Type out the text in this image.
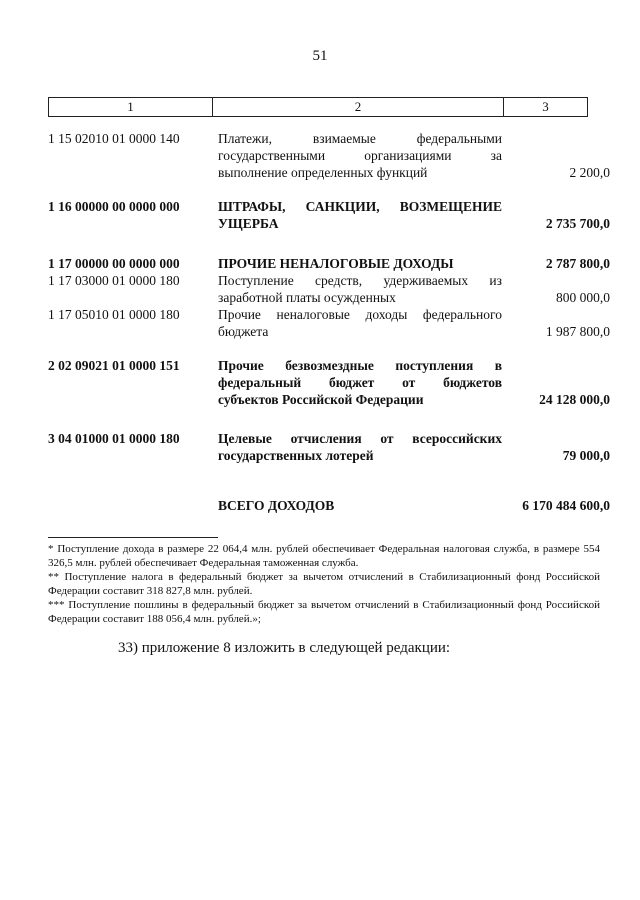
51
1	2	3
1 15 02010 01 0000 140	Платежи, взимаемые федеральными
государственными организациями за
выполнение определенных функций	2 200,0
1 16 00000 00 0000 000	ШТРАФЫ, САНКЦИИ, ВОЗМЕЩЕНИЕ
УЩЕРБА	2 735 700,0
1 17 00000 00 0000 000	ПРОЧИЕ НЕНАЛОГОВЫЕ ДОХОДЫ	2 787 800,0
1 17 03000 01 0000 180	Поступление средств, удерживаемых из
заработной платы осужденных	800 000,0
1 17 05010 01 0000 180	Прочие неналоговые доходы федерального
бюджета	1 987 800,0
2 02 09021 01 0000 151	Прочие безвозмездные поступления в
федеральный бюджет от бюджетов
субъектов Российской Федерации	24 128 000,0
3 04 01000 01 0000 180	Целевые отчисления от всероссийских
государственных лотерей	79 000,0
ВСЕГО ДОХОДОВ	6 170 484 600,0

* Поступление дохода в размере 22 064,4 млн. рублей обеспечивает Федеральная налоговая служба, в размере 554 326,5 млн. рублей обеспечивает Федеральная таможенная служба.

** Поступление налога в федеральный бюджет за вычетом отчислений в Стабилизационный фонд Российской Федерации составит 318 827,8 млн. рублей.

*** Поступление пошлины в федеральный бюджет за вычетом отчислений в Стабилизационный фонд Российской Федерации составит 188 056,4 млн. рублей.»;

33) приложение 8 изложить в следующей редакции:
